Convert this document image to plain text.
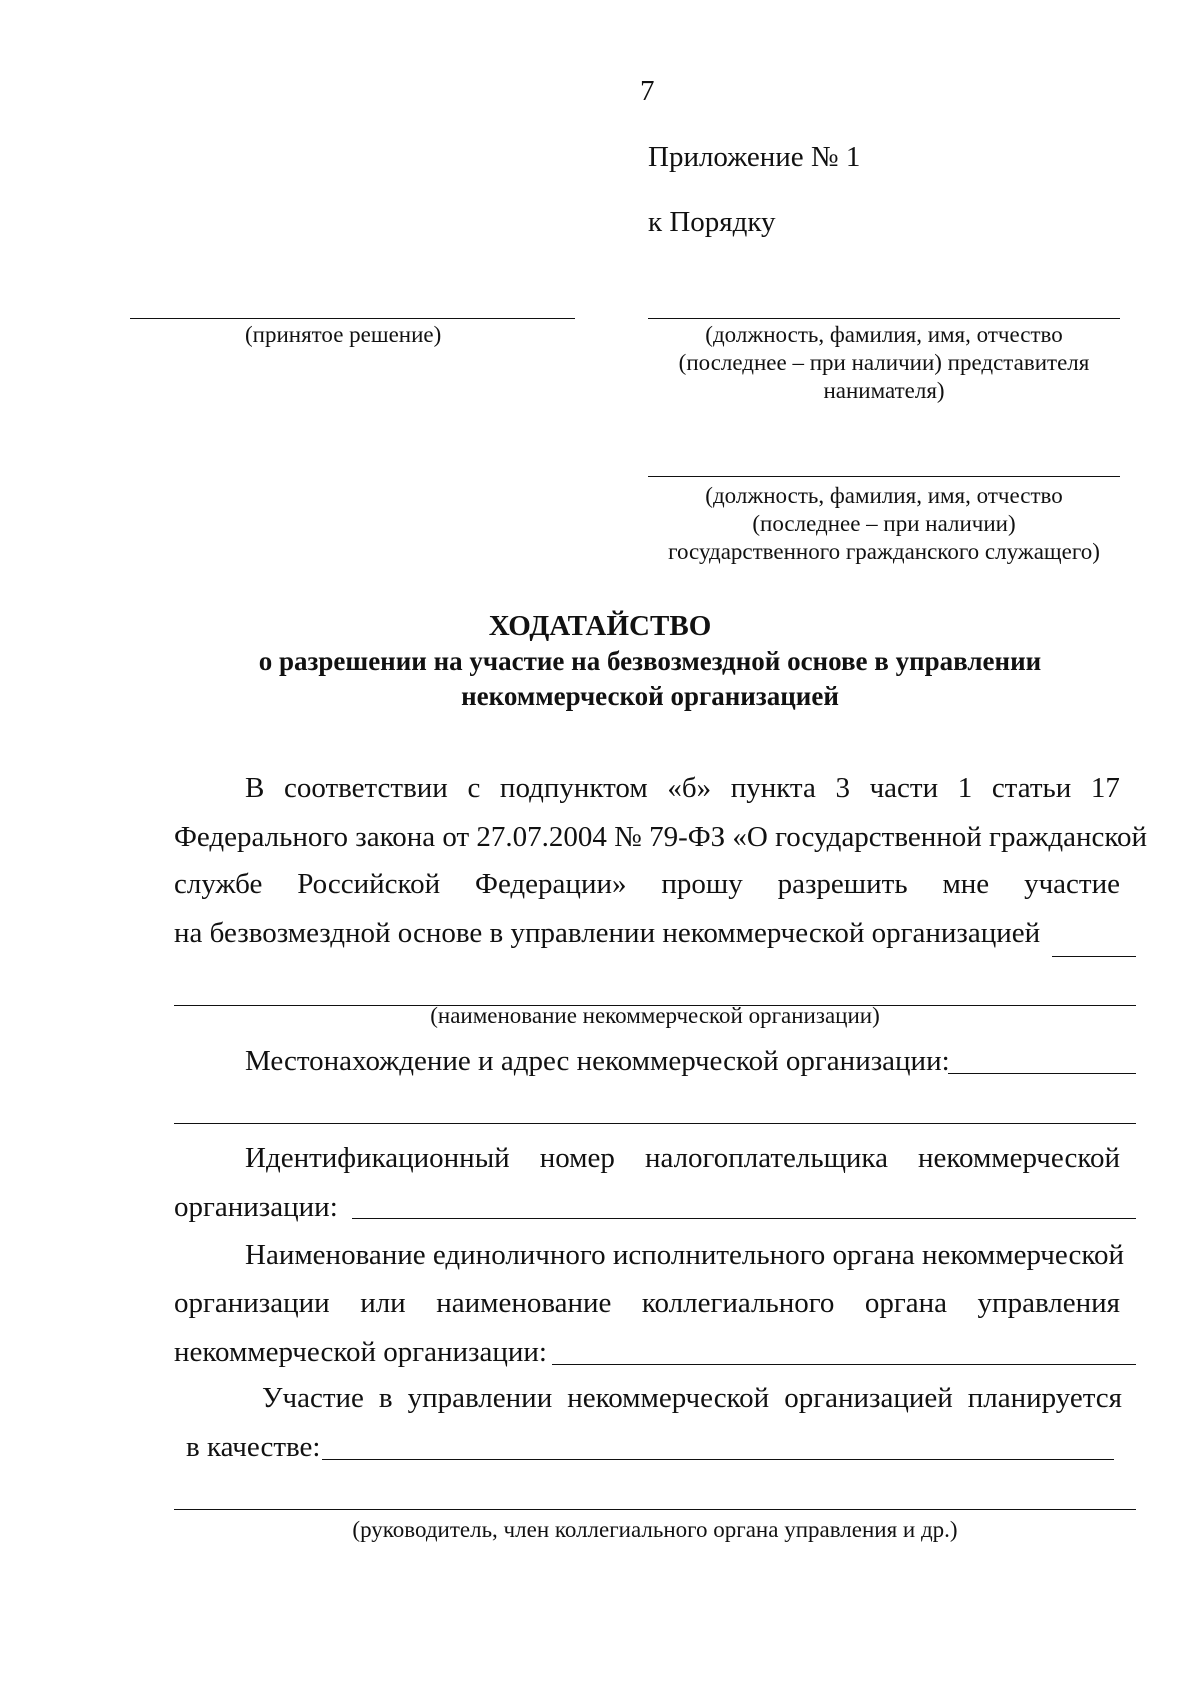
7
Приложение № 1
к Порядку
(принятое решение)	(должность, фамилия, имя, отчество
(последнее – при наличии) представителя
нанимателя)
(должность, фамилия, имя, отчество
(последнее – при наличии)
государственного гражданского служащего)
ХОДАТАЙСТВО
о разрешении на участие на безвозмездной основе в управлении
некоммерческой организацией
В соответствии с подпунктом «б» пункта 3 части 1 статьи 17
Федерального закона от 27.07.2004 № 79-ФЗ «О государственной гражданской
службе Российской Федерации» прошу разрешить мне участие
на безвозмездной основе в управлении некоммерческой организацией
(наименование некоммерческой организации)
Местонахождение и адрес некоммерческой организации:
Идентификационный номер налогоплательщика некоммерческой
организации:
Наименование единоличного исполнительного органа некоммерческой
организации или наименование коллегиального органа управления
некоммерческой организации:
Участие в управлении некоммерческой организацией планируется
в качестве:
(руководитель, член коллегиального органа управления и др.)
